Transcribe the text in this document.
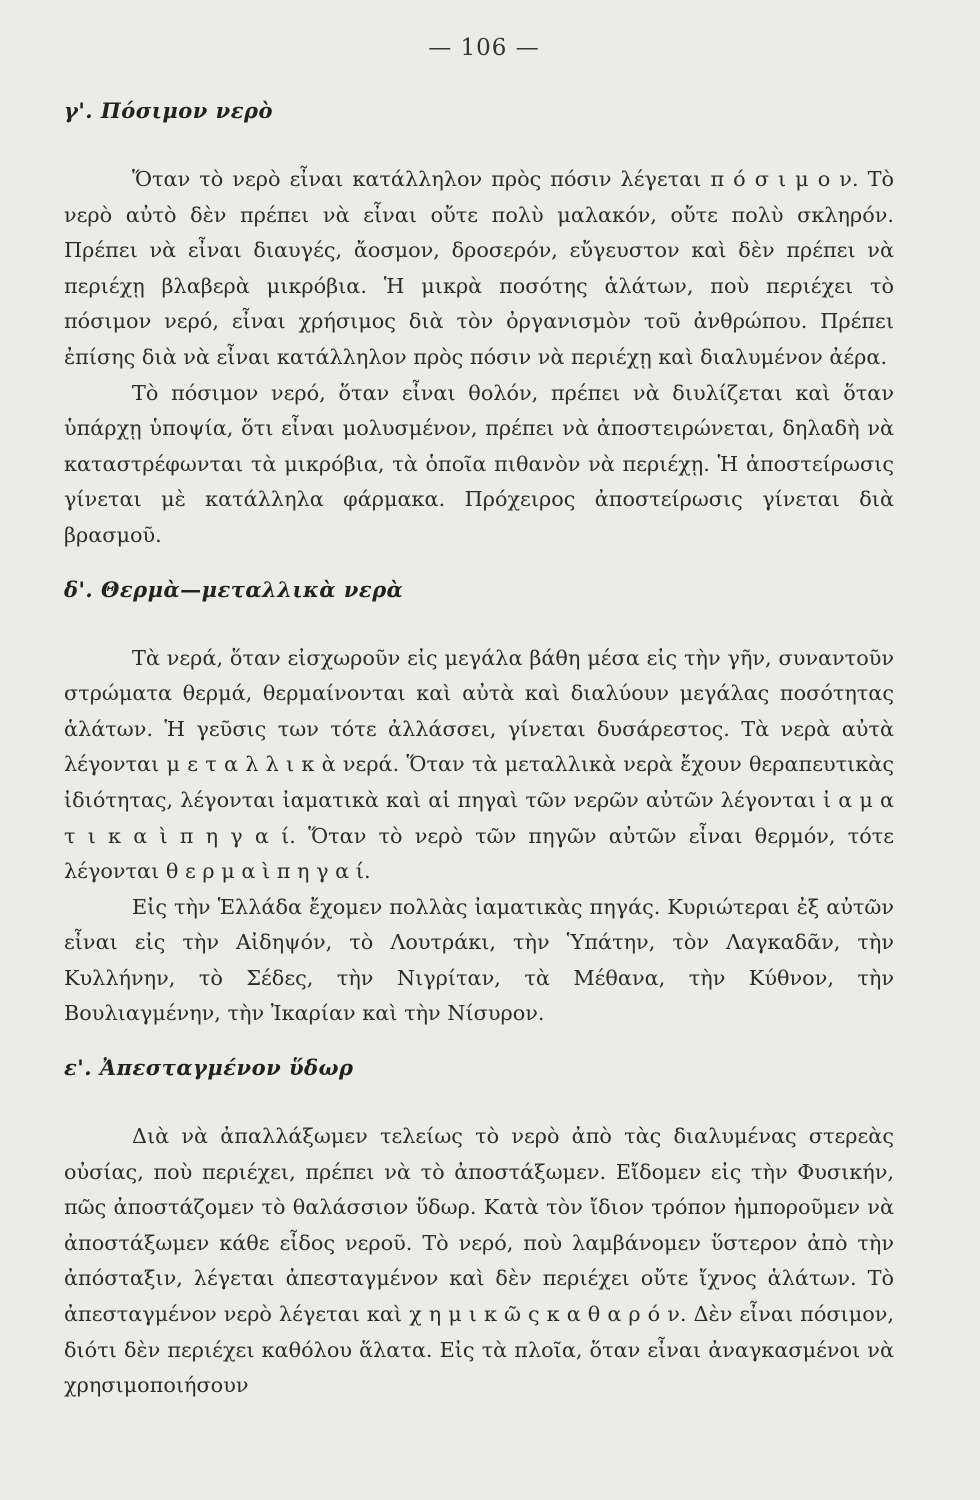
— 106 —
γ'. Πόσιμον νερὸ

Ὅταν τὸ νερὸ εἶναι κατάλληλον πρὸς πόσιν λέγεται π ό σ ι μ ο ν. Τὸ νερὸ αὐτὸ δὲν πρέπει νὰ εἶναι οὔτε πολὺ μαλακόν, οὔτε πολὺ σκληρόν. Πρέπει νὰ εἶναι διαυγές, ἄοσμον, δροσερόν, εὔγευστον καὶ δὲν πρέπει νὰ περιέχῃ βλαβερὰ μικρόβια. Ἡ μικρὰ ποσότης ἁλάτων, ποὺ περιέχει τὸ πόσιμον νερό, εἶναι χρήσιμος διὰ τὸν ὀργανισμὸν τοῦ ἀνθρώπου. Πρέπει ἐπίσης διὰ νὰ εἶναι κατάλληλον πρὸς πόσιν νὰ περιέχῃ καὶ διαλυμένον ἀέρα.

Τὸ πόσιμον νερό, ὅταν εἶναι θολόν, πρέπει νὰ διυλίζεται καὶ ὅταν ὑπάρχῃ ὑποψία, ὅτι εἶναι μολυσμένον, πρέπει νὰ ἀποστειρώνεται, δηλαδὴ νὰ καταστρέφωνται τὰ μικρόβια, τὰ ὁποῖα πιθανὸν νὰ περιέχῃ. Ἡ ἀποστείρωσις γίνεται μὲ κατάλληλα φάρμακα. Πρόχειρος ἀποστείρωσις γίνεται διὰ βρασμοῦ.

δ'. Θερμὰ—μεταλλικὰ νερὰ

Τὰ νερά, ὅταν εἰσχωροῦν εἰς μεγάλα βάθη μέσα εἰς τὴν γῆν, συναντοῦν στρώματα θερμά, θερμαίνονται καὶ αὐτὰ καὶ διαλύουν μεγάλας ποσότητας ἁλάτων. Ἡ γεῦσις των τότε ἀλλάσσει, γίνεται δυσάρεστος. Τὰ νερὰ αὐτὰ λέγονται μ ε τ α λ λ ι κ ὰ νερά. Ὅταν τὰ μεταλλικὰ νερὰ ἔχουν θεραπευτικὰς ἰδιότητας, λέγονται ἰαματικὰ καὶ αἱ πηγαὶ τῶν νερῶν αὐτῶν λέγονται ἰ α μ α τ ι κ α ὶ π η γ α ί. Ὅταν τὸ νερὸ τῶν πηγῶν αὐτῶν εἶναι θερμόν, τότε λέγονται θ ε ρ μ α ὶ π η γ α ί.

Εἰς τὴν Ἑλλάδα ἔχομεν πολλὰς ἰαματικὰς πηγάς. Κυριώτεραι ἐξ αὐτῶν εἶναι εἰς τὴν Αἰδηψόν, τὸ Λουτράκι, τὴν Ὑπάτην, τὸν Λαγκαδᾶν, τὴν Κυλλήνην, τὸ Σέδες, τὴν Νιγρίταν, τὰ Μέθανα, τὴν Κύθνον, τὴν Βουλιαγμένην, τὴν Ἰκαρίαν καὶ τὴν Νίσυρον.

ε'. Ἀπεσταγμένον ὕδωρ

Διὰ νὰ ἀπαλλάξωμεν τελείως τὸ νερὸ ἀπὸ τὰς διαλυμένας στερεὰς οὐσίας, ποὺ περιέχει, πρέπει νὰ τὸ ἀποστάξωμεν. Εἴδομεν εἰς τὴν Φυσικήν, πῶς ἀποστάζομεν τὸ θαλάσσιον ὕδωρ. Κατὰ τὸν ἴδιον τρόπον ἠμποροῦμεν νὰ ἀποστάξωμεν κάθε εἶδος νεροῦ. Τὸ νερό, ποὺ λαμβάνομεν ὕστερον ἀπὸ τὴν ἀπόσταξιν, λέγεται ἀπεσταγμένον καὶ δὲν περιέχει οὔτε ἴχνος ἁλάτων. Τὸ ἀπεσταγμένον νερὸ λέγεται καὶ χ η μ ι κ ῶ ς κ α θ α ρ ό ν. Δὲν εἶναι πόσιμον, διότι δὲν περιέχει καθόλου ἅλατα. Εἰς τὰ πλοῖα, ὅταν εἶναι ἀναγκασμένοι νὰ χρησιμοποιήσουν
